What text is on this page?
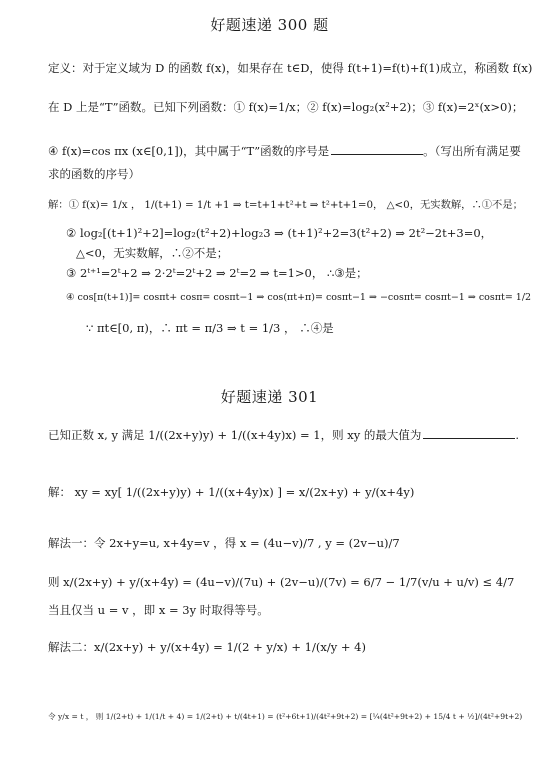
好题速递 300 题
定义：对于定义域为 D 的函数 f(x)，如果存在 t∈D，使得 f(t+1)=f(t)+f(1)成立，称函数 f(x)
在 D 上是“T”函数。已知下列函数：① f(x)=1/x；② f(x)=log₂(x²+2)；③ f(x)=2ˣ(x>0)；
④ f(x)=cos πx (x∈[0,1])，其中属于“T”函数的序号是	。（写出所有满足要
求的函数的序号）
解：① f(x)= 1/x ， 1/(t+1) = 1/t +1 ⇒ t=t+1+t²+t ⇒ t²+t+1=0， △<0，无实数解，∴①不是；
② log₂[(t+1)²+2]=log₂(t²+2)+log₂3 ⇒ (t+1)²+2=3(t²+2) ⇒ 2t²−2t+3=0，
△<0，无实数解，∴②不是；
③ 2ᵗ⁺¹=2ᵗ+2 ⇒ 2·2ᵗ=2ᵗ+2 ⇒ 2ᵗ=2 ⇒ t=1>0， ∴③是；
④ cos[π(t+1)]= cosπt+ cosπ= cosπt−1 ⇒ cos(πt+π)= cosπt−1 ⇒ −cosπt= cosπt−1 ⇒ cosπt= 1/2
∵ πt∈[0, π)，∴ πt = π/3 ⇒ t = 1/3 ， ∴④是
好题速递 301
已知正数 x, y 满足 1/((2x+y)y) + 1/((x+4y)x) = 1，则 xy 的最大值为	.
解： xy = xy[ 1/((2x+y)y) + 1/((x+4y)x) ] = x/(2x+y) + y/(x+4y)
解法一：令 2x+y=u, x+4y=v ，得 x = (4u−v)/7 , y = (2v−u)/7
则 x/(2x+y) + y/(x+4y) = (4u−v)/(7u) + (2v−u)/(7v) = 6/7 − 1/7(v/u + u/v) ≤ 4/7
当且仅当 u = v ，即 x = 3y 时取得等号。
解法二：x/(2x+y) + y/(x+4y) = 1/(2 + y/x) + 1/(x/y + 4)
令 y/x = t ， 则 1/(2+t) + 1/(1/t + 4) = 1/(2+t) + t/(4t+1) = (t²+6t+1)/(4t²+9t+2) = [¼(4t²+9t+2) + 15/4 t + ½]/(4t²+9t+2)
